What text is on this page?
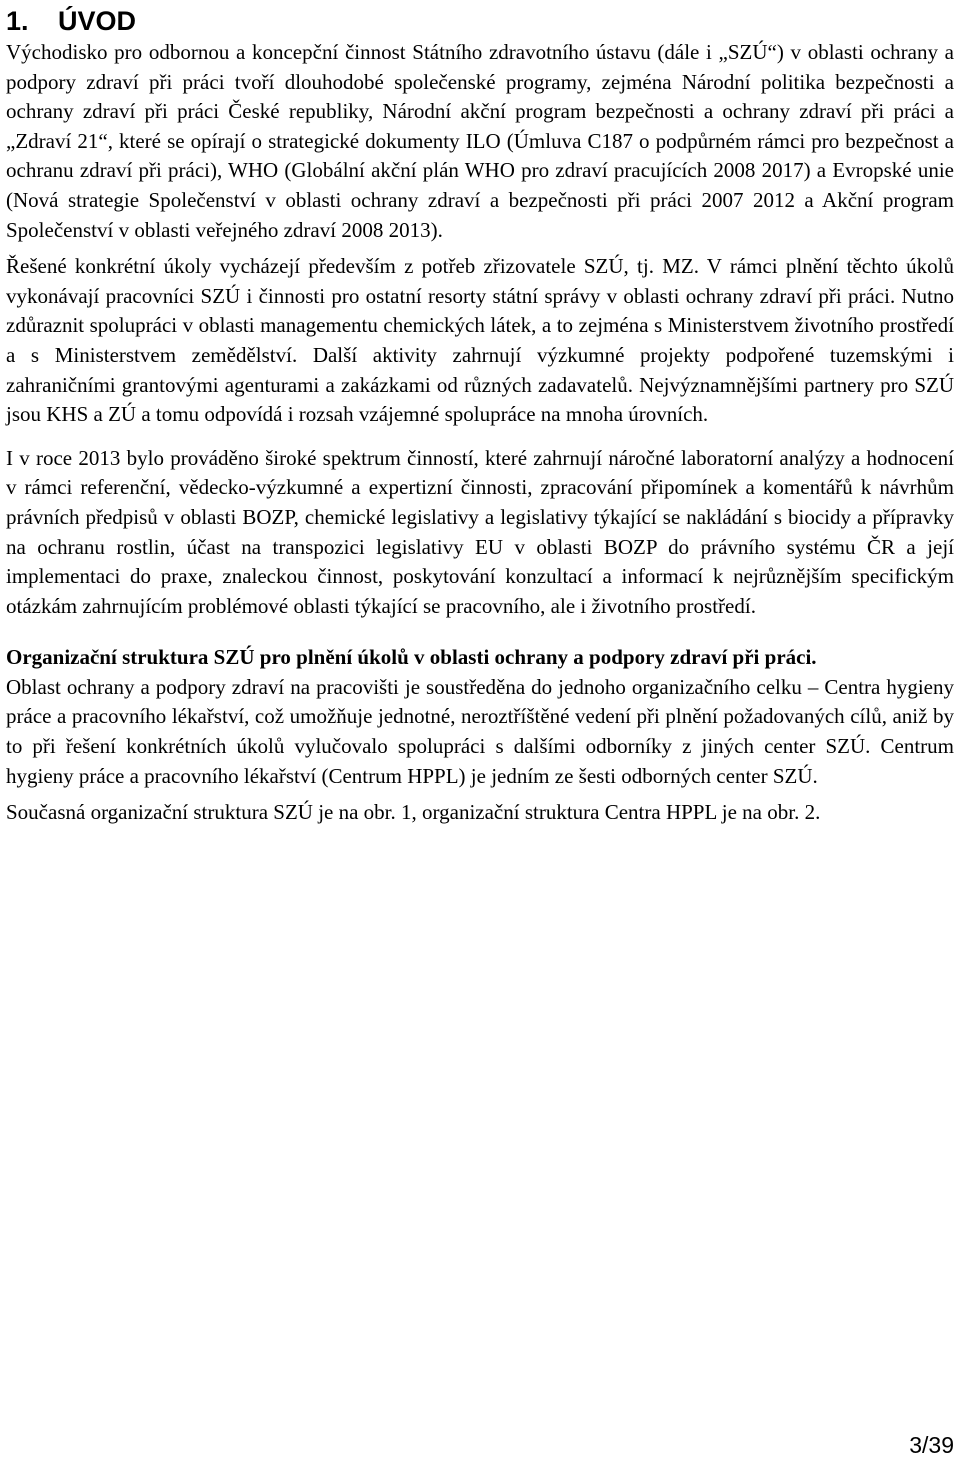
1. ÚVOD

Východisko pro odbornou a koncepční činnost Státního zdravotního ústavu (dále i „SZÚ“) v oblasti ochrany a podpory zdraví při práci tvoří dlouhodobé společenské programy, zejména Národní politika bezpečnosti a ochrany zdraví při práci České republiky, Národní akční program bezpečnosti a ochrany zdraví při práci a „Zdraví 21“, které se opírají o strategické dokumenty ILO (Úmluva C187 o podpůrném rámci pro bezpečnost a ochranu zdraví při práci), WHO (Globální akční plán WHO pro zdraví pracujících 2008 2017) a Evropské unie (Nová strategie Společenství v oblasti ochrany zdraví a bezpečnosti při práci 2007 2012 a Akční program Společenství v oblasti veřejného zdraví 2008 2013).

Řešené konkrétní úkoly vycházejí především z potřeb zřizovatele SZÚ, tj. MZ. V rámci plnění těchto úkolů vykonávají pracovníci SZÚ i činnosti pro ostatní resorty státní správy v oblasti ochrany zdraví při práci. Nutno zdůraznit spolupráci v oblasti managementu chemických látek, a to zejména s Ministerstvem životního prostředí a s Ministerstvem zemědělství. Další aktivity zahrnují výzkumné projekty podpořené tuzemskými i zahraničními grantovými agenturami a zakázkami od různých zadavatelů. Nejvýznamnějšími partnery pro SZÚ jsou KHS a ZÚ a tomu odpovídá i rozsah vzájemné spolupráce na mnoha úrovních.

I v roce 2013 bylo prováděno široké spektrum činností, které zahrnují náročné laboratorní analýzy a hodnocení v rámci referenční, vědecko-výzkumné a expertizní činnosti, zpracování připomínek a komentářů k návrhům právních předpisů v oblasti BOZP, chemické legislativy a legislativy týkající se nakládání s biocidy a přípravky na ochranu rostlin, účast na transpozici legislativy EU v oblasti BOZP do právního systému ČR a její implementaci do praxe, znaleckou činnost, poskytování konzultací a informací k nejrůznějším specifickým otázkám zahrnujícím problémové oblasti týkající se pracovního, ale i životního prostředí.

Organizační struktura SZÚ pro plnění úkolů v oblasti ochrany a podpory zdraví při práci.

Oblast ochrany a podpory zdraví na pracovišti je soustředěna do jednoho organizačního celku – Centra hygieny práce a pracovního lékařství, což umožňuje jednotné, neroztříštěné vedení při plnění požadovaných cílů, aniž by to při řešení konkrétních úkolů vylučovalo spolupráci s dalšími odborníky z jiných center SZÚ. Centrum hygieny práce a pracovního lékařství (Centrum HPPL) je jedním ze šesti odborných center SZÚ.

Současná organizační struktura SZÚ je na obr. 1, organizační struktura Centra HPPL je na obr. 2.

3/39
